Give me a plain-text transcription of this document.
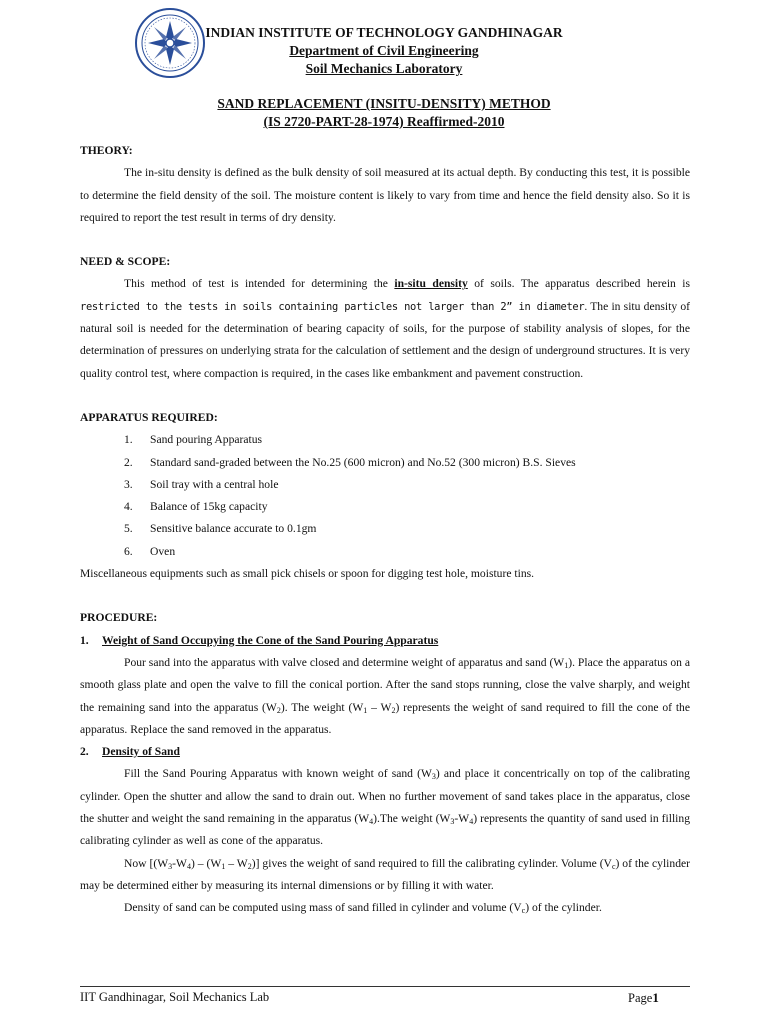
INDIAN INSTITUTE OF TECHNOLOGY GANDHINAGAR
Department of Civil Engineering
Soil Mechanics Laboratory
SAND REPLACEMENT (INSITU-DENSITY) METHOD
(IS 2720-PART-28-1974) Reaffirmed-2010
THEORY:
The in-situ density is defined as the bulk density of soil measured at its actual depth. By conducting this test, it is possible to determine the field density of the soil. The moisture content is likely to vary from time and hence the field density also. So it is required to report the test result in terms of dry density.
NEED & SCOPE:
This method of test is intended for determining the in-situ density of soils. The apparatus described herein is restricted to the tests in soils containing particles not larger than 2” in diameter. The in situ density of natural soil is needed for the determination of bearing capacity of soils, for the purpose of stability analysis of slopes, for the determination of pressures on underlying strata for the calculation of settlement and the design of underground structures. It is very quality control test, where compaction is required, in the cases like embankment and pavement construction.
APPARATUS REQUIRED:
1.	Sand pouring Apparatus
2.	Standard sand-graded between the No.25 (600 micron) and No.52 (300 micron) B.S. Sieves
3.	Soil tray with a central hole
4.	Balance of 15kg capacity
5.	Sensitive balance accurate to 0.1gm
6.	Oven
Miscellaneous equipments such as small pick chisels or spoon for digging test hole, moisture tins.
PROCEDURE:
1.	Weight of Sand Occupying the Cone of the Sand Pouring Apparatus
Pour sand into the apparatus with valve closed and determine weight of apparatus and sand $(W_1)$. Place the apparatus on a smooth glass plate and open the valve to fill the conical portion. After the sand stops running, close the valve sharply, and weight the remaining sand into the apparatus $(W_2)$. The weight $(W_1 - W_2)$ represents the weight of sand required to fill the cone of the apparatus. Replace the sand removed in the apparatus.
2.	Density of Sand
Fill the Sand Pouring Apparatus with known weight of sand $(W_3)$ and place it concentrically on top of the calibrating cylinder. Open the shutter and allow the sand to drain out. When no further movement of sand takes place in the apparatus, close the shutter and weight the sand remaining in the apparatus $(W_4).The$ weight $(W_3-W_4)$ represents the quantity of sand used in filling calibrating cylinder as well as cone of the apparatus.
Now $[(W_3-W_4) - (W_1 - W_2)]$ gives the weight of sand required to fill the calibrating cylinder. Volume $(V_c)$ of the cylinder may be determined either by measuring its internal dimensions or by filling it with water.
Density of sand can be computed using mass of sand filled in cylinder and volume $(V_c)$ of the cylinder.
IIT Gandhinagar, Soil Mechanics Lab	Page1
